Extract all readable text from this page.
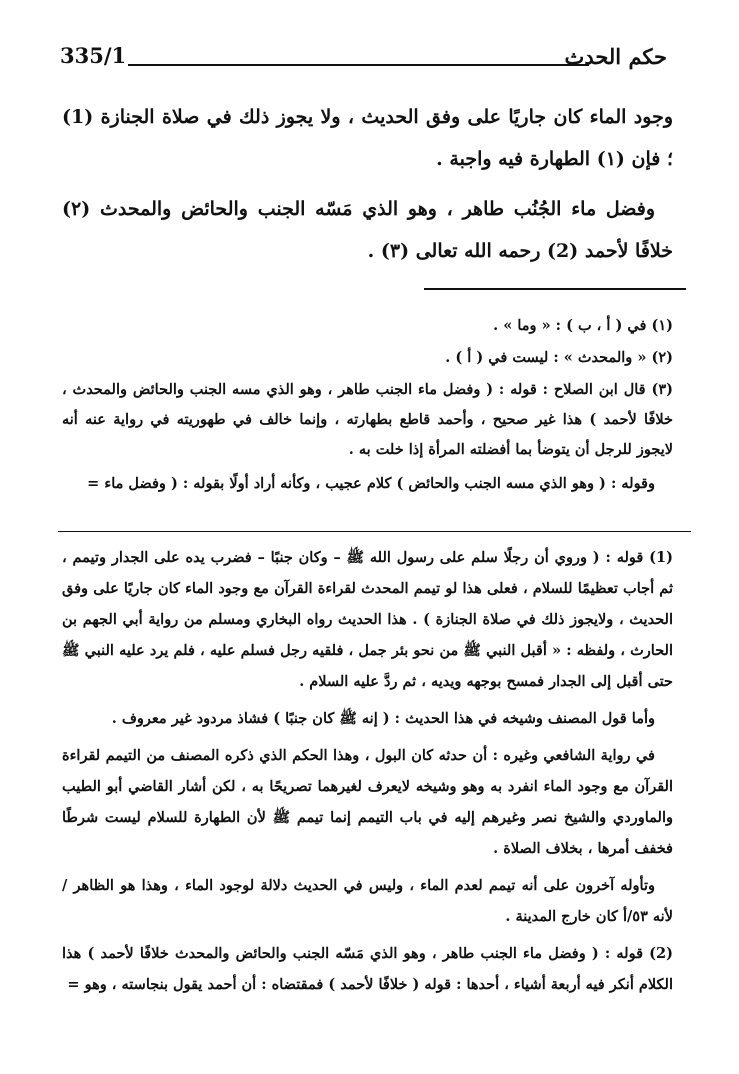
حكم الحدث
335/1

وجود الماء كان جاريًا على وفق الحديث ، ولا يجوز ذلك في صلاة الجنازة (1) ؛ فإن (١) الطهارة فيه واجبة .

وفضل ماء الجُنُب طاهر ، وهو الذي مَسّه الجنب والحائض والمحدث (٢) خلافًا لأحمد (2) رحمه الله تعالى (٣) .

(١) في ( أ ، ب ) : « وما » .

(٢) « والمحدث » : ليست في ( أ ) .

(٣) قال ابن الصلاح : قوله : ( وفضل ماء الجنب طاهر ، وهو الذي مسه الجنب والحائض والمحدث ، خلافًا لأحمد ) هذا غير صحيح ، وأحمد قاطع بطهارته ، وإنما خالف في طهوريته في رواية عنه أنه لايجوز للرجل أن يتوضأ بما أفضلته المرأة إذا خلت به .

وقوله : ( وهو الذي مسه الجنب والحائض ) كلام عجيب ، وكأنه أراد أولًا بقوله : ( وفضل ماء =

(1) قوله : ( وروي أن رجلًا سلم على رسول الله ﷺ – وكان جنبًا – فضرب يده على الجدار وتيمم ، ثم أجاب تعظيمًا للسلام ، فعلى هذا لو تيمم المحدث لقراءة القرآن مع وجود الماء كان جاريًا على وفق الحديث ، ولايجوز ذلك في صلاة الجنازة ) . هذا الحديث رواه البخاري ومسلم من رواية أبي الجهم بن الحارث ، ولفظه : « أقبل النبي ﷺ من نحو بئر جمل ، فلقيه رجل فسلم عليه ، فلم يرد عليه النبي ﷺ حتى أقبل إلى الجدار فمسح بوجهه ويديه ، ثم ردَّ عليه السلام .

وأما قول المصنف وشيخه في هذا الحديث : ( إنه ﷺ كان جنبًا ) فشاذ مردود غير معروف .

في رواية الشافعي وغيره : أن حدثه كان البول ، وهذا الحكم الذي ذكره المصنف من التيمم لقراءة القرآن مع وجود الماء انفرد به وهو وشيخه لايعرف لغيرهما تصريحًا به ، لكن أشار القاضي أبو الطيب والماوردي والشيخ نصر وغيرهم إليه في باب التيمم إنما تيمم ﷺ لأن الطهارة للسلام ليست شرطًا فخفف أمرها ، بخلاف الصلاة .

وتأوله آخرون على أنه تيمم لعدم الماء ، وليس في الحديث دلالة لوجود الماء ، وهذا هو الظاهر / لأنه ٥٣/أ كان خارج المدينة .

(2) قوله : ( وفضل ماء الجنب طاهر ، وهو الذي مَسّه الجنب والحائض والمحدث خلافًا لأحمد ) هذا الكلام أنكر فيه أربعة أشياء ، أحدها : قوله ( خلافًا لأحمد ) فمقتضاه : أن أحمد يقول بنجاسته ، وهو =
